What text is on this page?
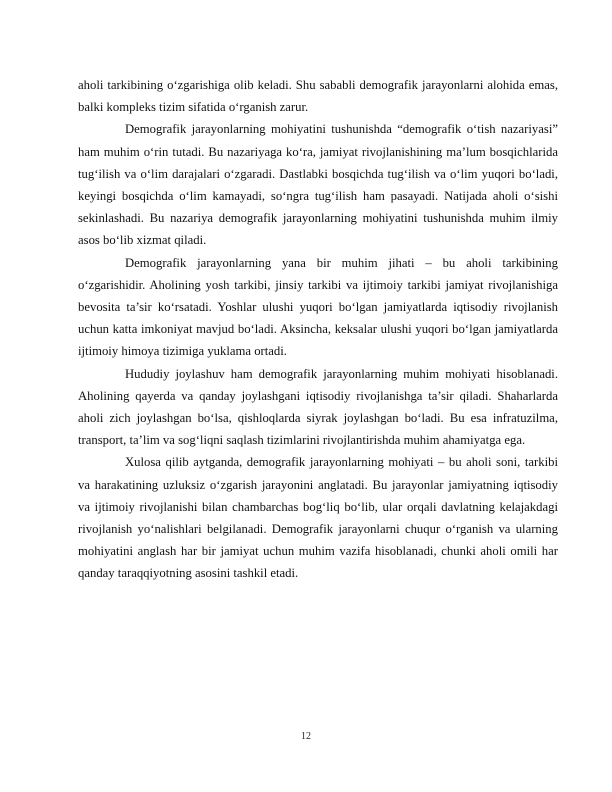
aholi tarkibining o‘zgarishiga olib keladi. Shu sababli demografik jarayonlarni alohida emas, balki kompleks tizim sifatida o‘rganish zarur.

Demografik jarayonlarning mohiyatini tushunishda “demografik o‘tish nazariyasi” ham muhim o‘rin tutadi. Bu nazariyaga ko‘ra, jamiyat rivojlanishining ma’lum bosqichlarida tug‘ilish va o‘lim darajalari o‘zgaradi. Dastlabki bosqichda tug‘ilish va o‘lim yuqori bo‘ladi, keyingi bosqichda o‘lim kamayadi, so‘ngra tug‘ilish ham pasayadi. Natijada aholi o‘sishi sekinlashadi. Bu nazariya demografik jarayonlarning mohiyatini tushunishda muhim ilmiy asos bo‘lib xizmat qiladi.

Demografik jarayonlarning yana bir muhim jihati – bu aholi tarkibining o‘zgarishidir. Aholining yosh tarkibi, jinsiy tarkibi va ijtimoiy tarkibi jamiyat rivojlanishiga bevosita ta’sir ko‘rsatadi. Yoshlar ulushi yuqori bo‘lgan jamiyatlarda iqtisodiy rivojlanish uchun katta imkoniyat mavjud bo‘ladi. Aksincha, keksalar ulushi yuqori bo‘lgan jamiyatlarda ijtimoiy himoya tizimiga yuklama ortadi.

Hududiy joylashuv ham demografik jarayonlarning muhim mohiyati hisoblanadi. Aholining qayerda va qanday joylashgani iqtisodiy rivojlanishga ta’sir qiladi. Shaharlarda aholi zich joylashgan bo‘lsa, qishloqlarda siyrak joylashgan bo‘ladi. Bu esa infratuzilma, transport, ta’lim va sog‘liqni saqlash tizimlarini rivojlantirishda muhim ahamiyatga ega.

Xulosa qilib aytganda, demografik jarayonlarning mohiyati – bu aholi soni, tarkibi va harakatining uzluksiz o‘zgarish jarayonini anglatadi. Bu jarayonlar jamiyatning iqtisodiy va ijtimoiy rivojlanishi bilan chambarchas bog‘liq bo‘lib, ular orqali davlatning kelajakdagi rivojlanish yo‘nalishlari belgilanadi. Demografik jarayonlarni chuqur o‘rganish va ularning mohiyatini anglash har bir jamiyat uchun muhim vazifa hisoblanadi, chunki aholi omili har qanday taraqqiyotning asosini tashkil etadi.

12
